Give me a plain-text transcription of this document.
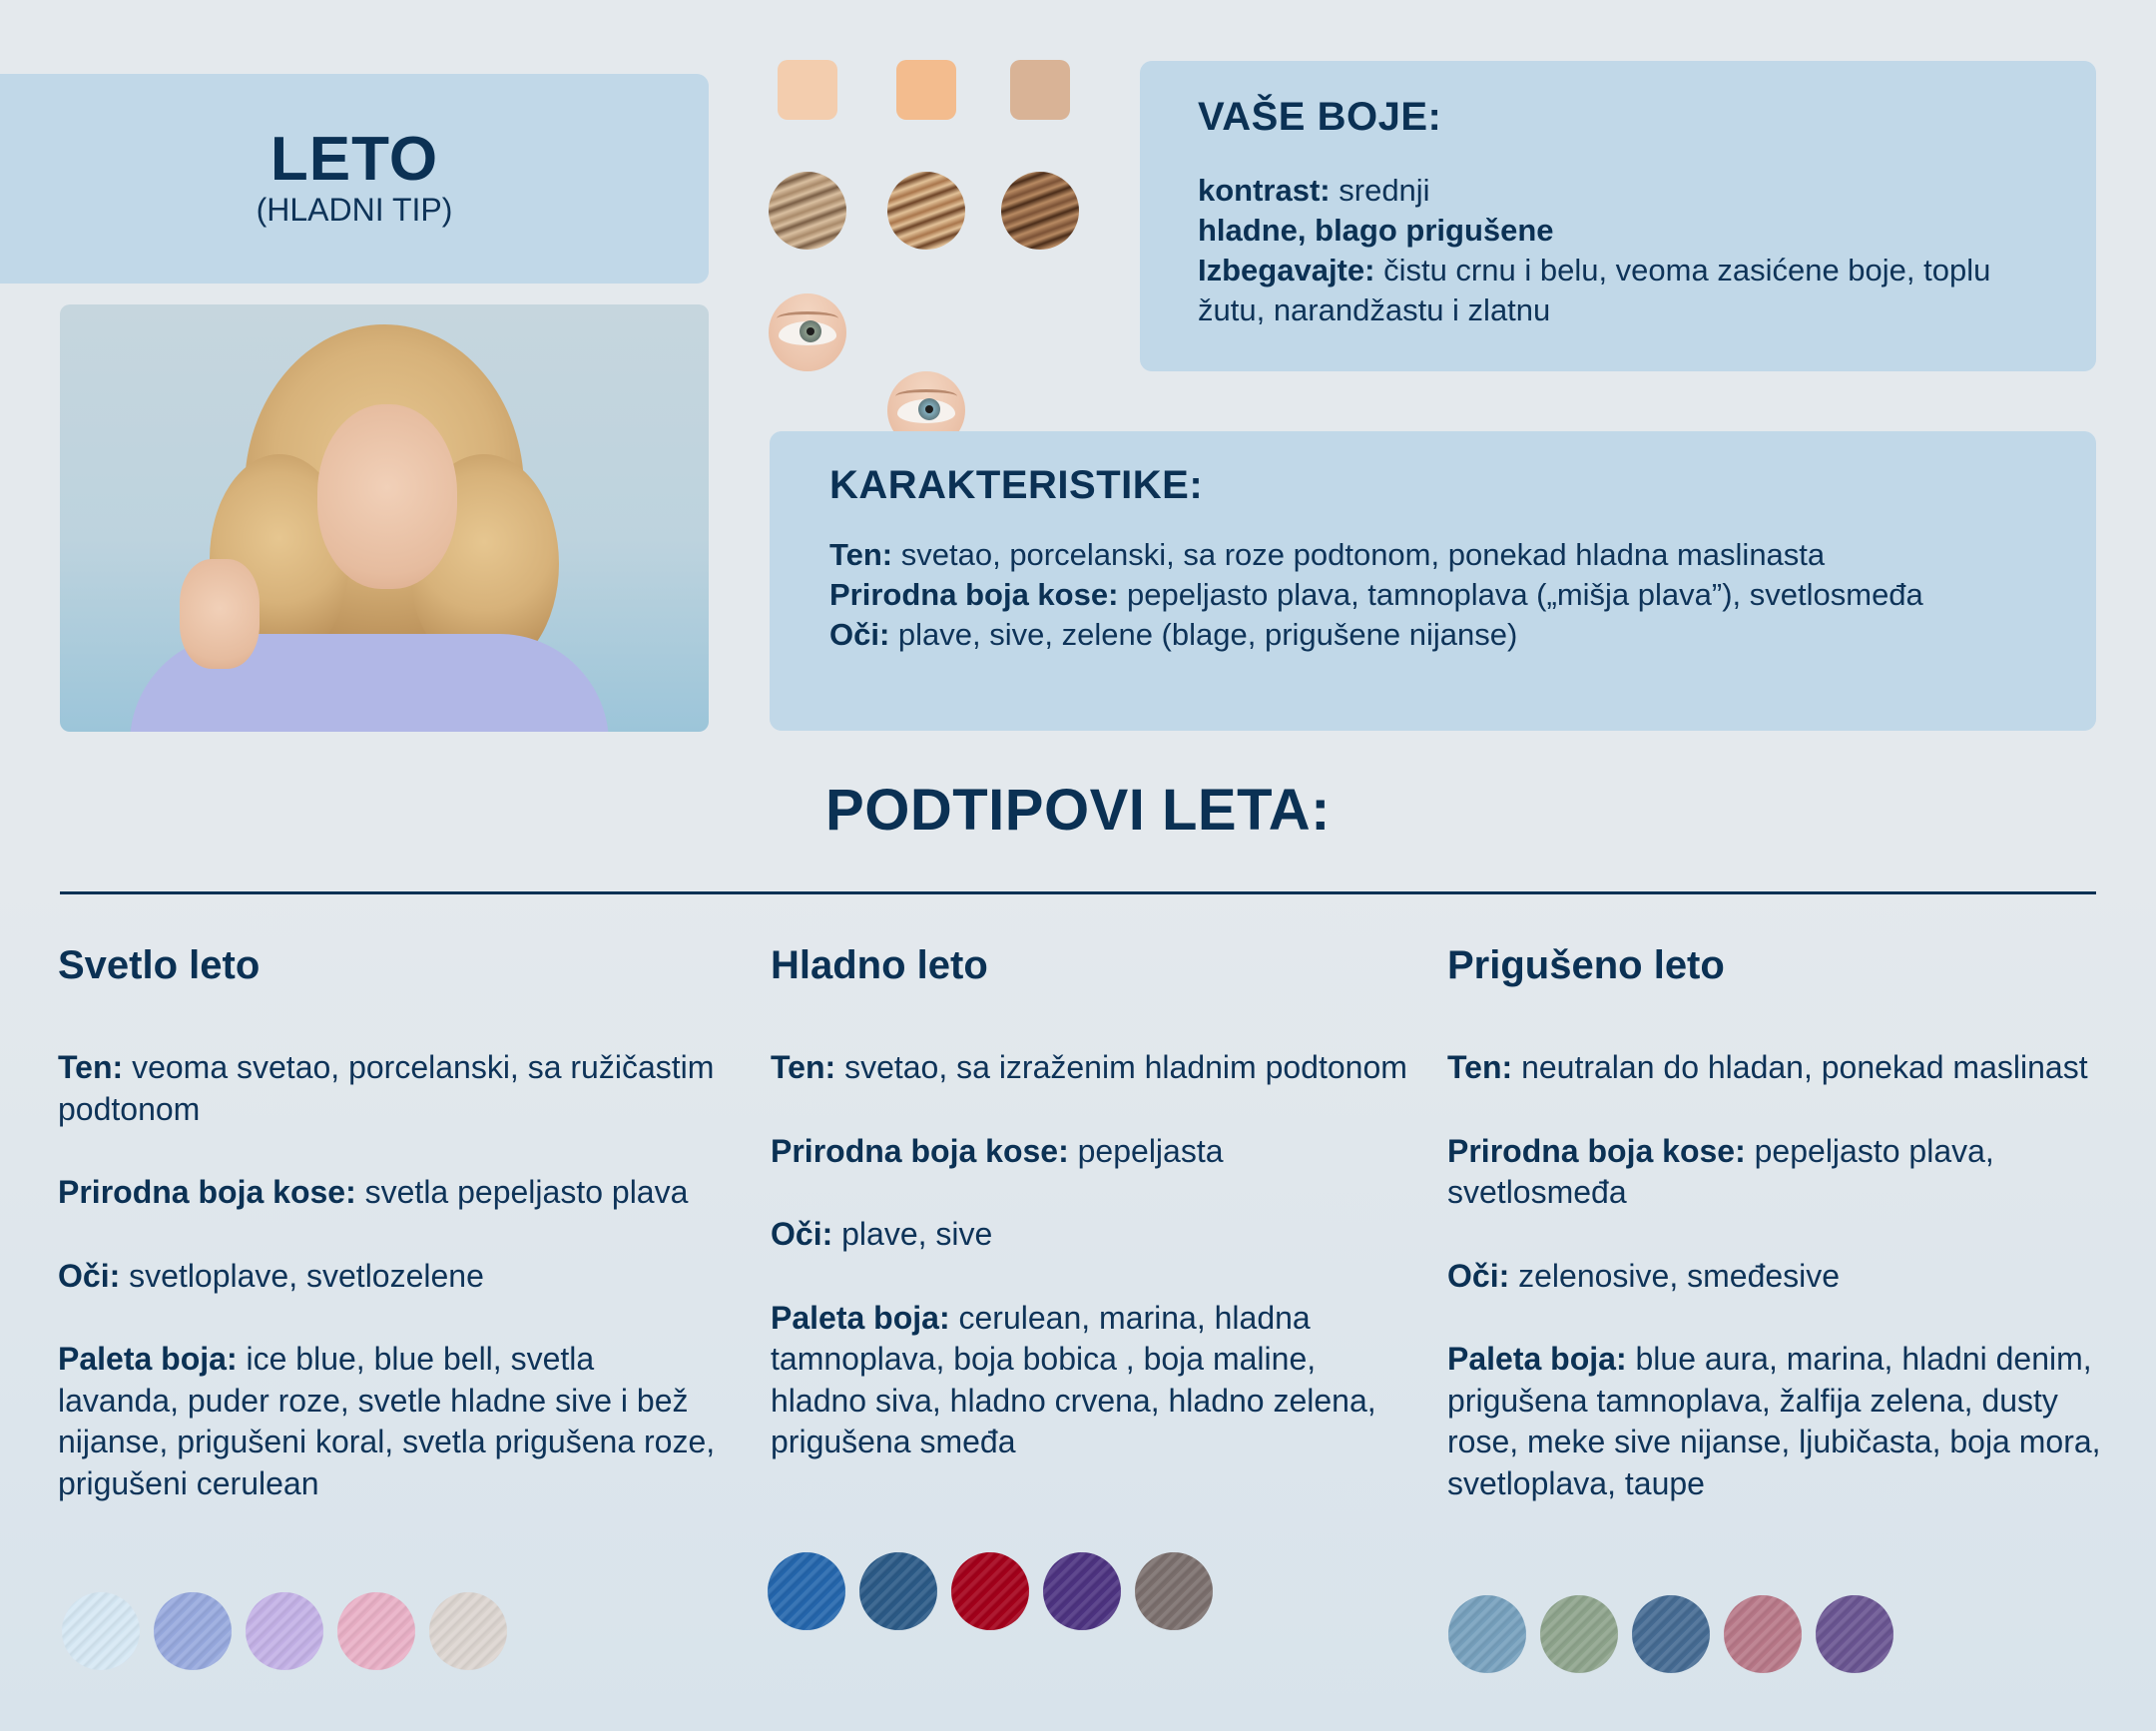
LETO
(HLADNI TIP)
VAŠE BOJE:
kontrast: srednji
hladne, blago prigušene
Izbegavajte: čistu crnu i belu, veoma zasićene boje, toplu žutu, narandžastu i zlatnu
KARAKTERISTIKE:
Ten: svetao, porcelanski, sa roze podtonom, ponekad hladna maslinasta
Prirodna boja kose: pepeljasto plava, tamnoplava („mišja plava”), svetlosmeđa
Oči: plave, sive, zelene (blage, prigušene nijanse)
PODTIPOVI LETA:
Svetlo leto
Ten: veoma svetao, porcelanski, sa ružičastim podtonom
Prirodna boja kose: svetla pepeljasto plava
Oči: svetloplave, svetlozelene
Paleta boja: ice blue, blue bell, svetla lavanda, puder roze, svetle hladne sive i bež nijanse, prigušeni koral, svetla prigušena roze, prigušeni cerulean
Hladno leto
Ten: svetao, sa izraženim hladnim podtonom
Prirodna boja kose: pepeljasta
Oči: plave, sive
Paleta boja: cerulean, marina, hladna tamnoplava, boja bobica , boja maline, hladno siva, hladno crvena, hladno zelena, prigušena smeđa
Prigušeno leto
Ten: neutralan do hladan, ponekad maslinast
Prirodna boja kose: pepeljasto plava, svetlosmeđa
Oči: zelenosive, smeđesive
Paleta boja: blue aura, marina, hladni denim, prigušena tamnoplava, žalfija zelena, dusty rose, meke sive nijanse, ljubičasta, boja mora, svetloplava, taupe
